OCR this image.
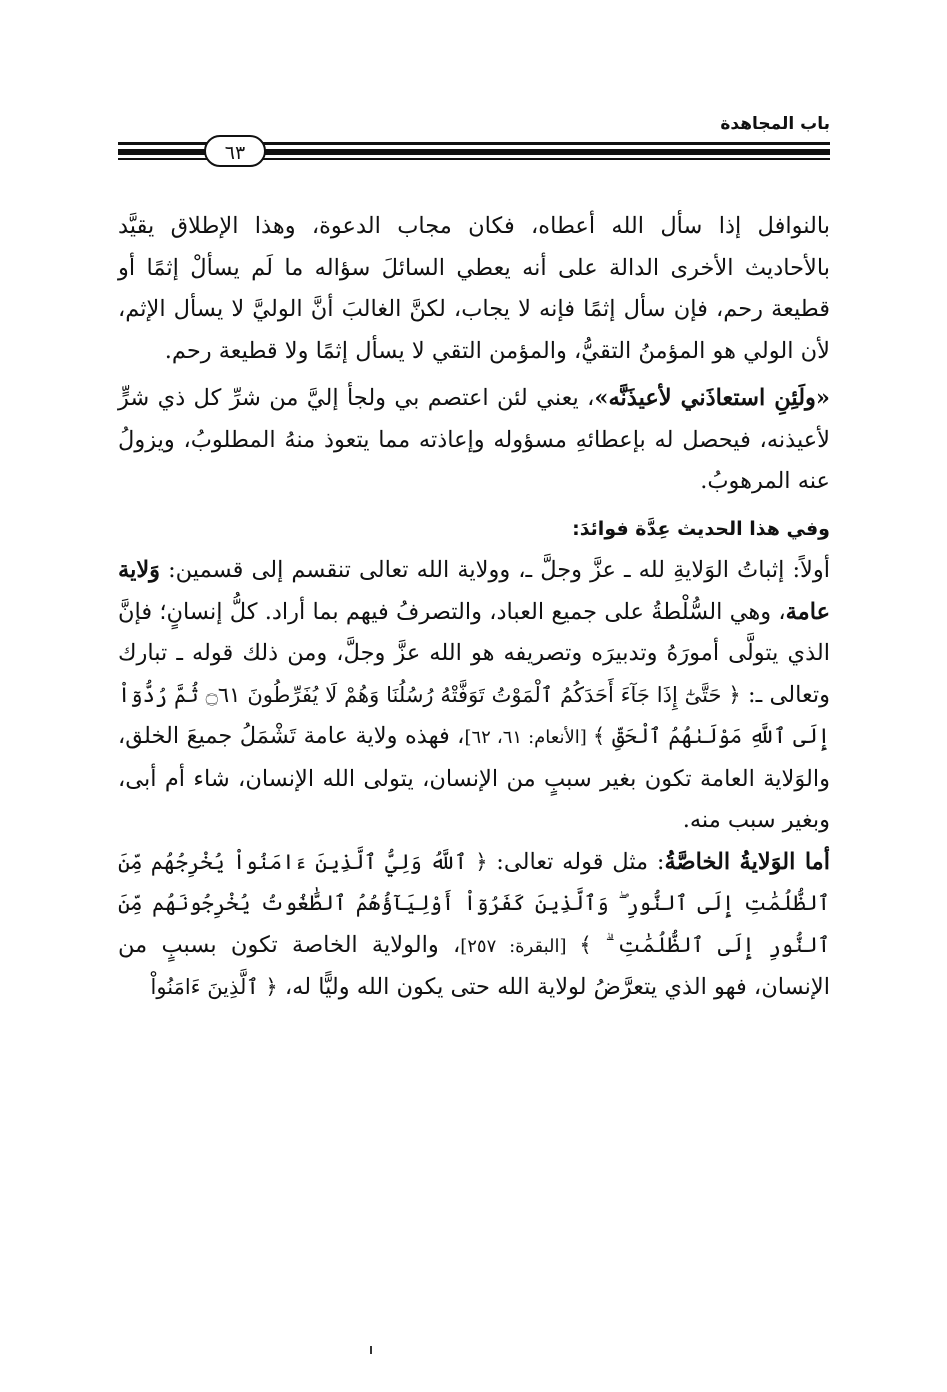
باب المجاهدة
٦٣

بالنوافل إذا سأل الله أعطاه، فكان مجاب الدعوة، وهذا الإطلاق يقيَّد بالأحاديث الأخرى الدالة على أنه يعطي السائلَ سؤاله ما لَم يسألْ إثمًا أو قطيعة رحم، فإن سأل إثمًا فإنه لا يجاب، لكنَّ الغالبَ أنَّ الوليَّ لا يسأل الإثم، لأن الولي هو المؤمنُ التقيُّ، والمؤمن التقي لا يسأل إثمًا ولا قطيعة رحم.

«ولَئِنِ استعاذَني لأعيذَنَّه»، يعني لئن اعتصم بي ولجأ إليَّ من شرِّ كل ذي شرٍّ لأعيذنه، فيحصل له بإعطائهِ مسؤوله وإعاذته مما يتعوذ منهُ المطلوبُ، ويزولُ عنه المرهوبُ.

وفي هذا الحديث عِدَّة فوائدَ:

أولاً: إثباتُ الوَلايةِ لله ـ عزَّ وجلَّ ـ، وولاية الله تعالى تنقسم إلى قسمين: وَلاية عامة، وهي السُّلْطةُ على جميع العباد، والتصرفُ فيهم بما أراد. كلُّ إنسانٍ؛ فإنَّ الذي يتولَّى أمورَهُ وتدبيرَه وتصريفه هو الله عزَّ وجلَّ، ومن ذلك قوله ـ تبارك وتعالى ـ: ﴿ حَتَّىٰٓ إِذَا جَآءَ أَحَدَكُمُ ٱلْمَوْتُ تَوَفَّتْهُ رُسُلُنَا وَهُمْ لَا يُفَرِّطُونَ ۝٦١ ثُمَّ رُدُّوٓاْ إِلَى ٱللَّهِ مَوْلَىٰهُمُ ٱلْحَقِّ ﴾ [الأنعام: ٦١، ٦٢]، فهذه ولاية عامة تَشْمَلُ جميعَ الخلق، والوَلاية العامة تكون بغير سببٍ من الإنسان، يتولى الله الإنسان، شاء أم أبى، وبغير سبب منه.

أما الوَلايةُ الخاصَّةُ: مثل قوله تعالى: ﴿ ٱللَّهُ وَلِيُّ ٱلَّذِينَ ءَامَنُواْ يُخْرِجُهُم مِّنَ ٱلظُّلُمَٰتِ إِلَى ٱلنُّورِ ۖ وَٱلَّذِينَ كَفَرُوٓاْ أَوْلِيَآؤُهُمُ ٱلطَّٰغُوتُ يُخْرِجُونَهُم مِّنَ ٱلنُّورِ إِلَى ٱلظُّلُمَٰتِ ۗ ﴾ [البقرة: ٢٥٧]، والولاية الخاصة تكون بسببٍ من الإنسان، فهو الذي يتعرَّضُ لولاية الله حتى يكون الله وليًّا له، ﴿ ٱلَّذِينَ ءَامَنُواْ
